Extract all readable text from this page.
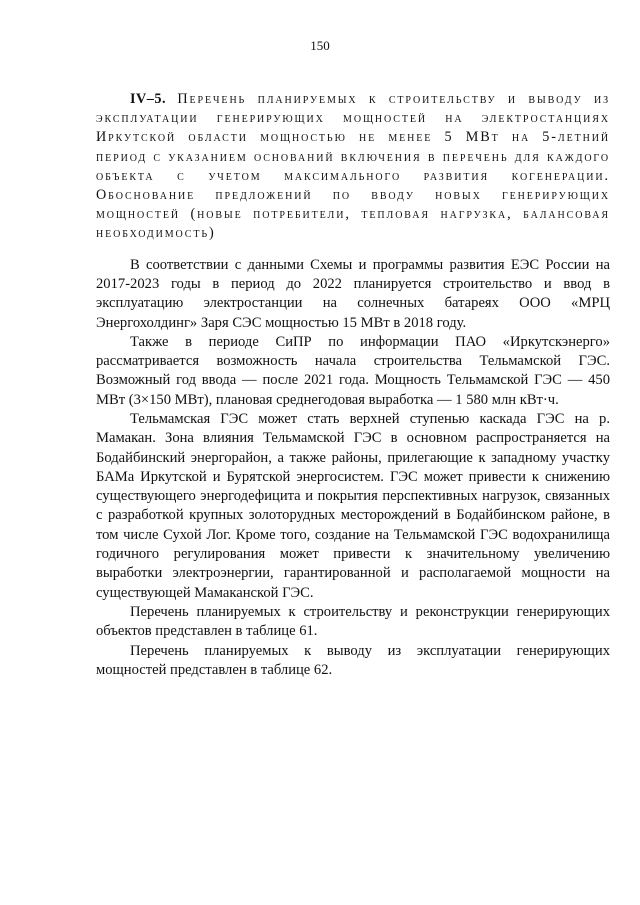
150
IV–5. Перечень планируемых к строительству и выводу из эксплуатации генерирующих мощностей на электростанциях Иркутской области мощностью не менее 5 МВт на 5-летний период с указанием оснований включения в перечень для каждого объекта с учетом максимального развития когенерации. Обоснование предложений по вводу новых генерирующих мощностей (новые потребители, тепловая нагрузка, балансовая необходимость)

В соответствии с данными Схемы и программы развития ЕЭС России на 2017-2023 годы в период до 2022 планируется строительство и ввод в эксплуатацию электростанции на солнечных батареях ООО «МРЦ Энергохолдинг» Заря СЭС мощностью 15 МВт в 2018 году.

Также в периоде СиПР по информации ПАО «Иркутскэнерго» рассматривается возможность начала строительства Тельмамской ГЭС. Возможный год ввода — после 2021 года. Мощность Тельмамской ГЭС — 450 МВт (3×150 МВт), плановая среднегодовая выработка — 1 580 млн кВт·ч.

Тельмамская ГЭС может стать верхней ступенью каскада ГЭС на р. Мамакан. Зона влияния Тельмамской ГЭС в основном распространяется на Бодайбинский энергорайон, а также районы, прилегающие к западному участку БАМа Иркутской и Бурятской энергосистем. ГЭС может привести к снижению существующего энергодефицита и покрытия перспективных нагрузок, связанных с разработкой крупных золоторудных месторождений в Бодайбинском районе, в том числе Сухой Лог. Кроме того, создание на Тельмамской ГЭС водохранилища годичного регулирования может привести к значительному увеличению выработки электроэнергии, гарантированной и располагаемой мощности на существующей Мамаканской ГЭС.

Перечень планируемых к строительству и реконструкции генерирующих объектов представлен в таблице 61.

Перечень планируемых к выводу из эксплуатации генерирующих мощностей представлен в таблице 62.
